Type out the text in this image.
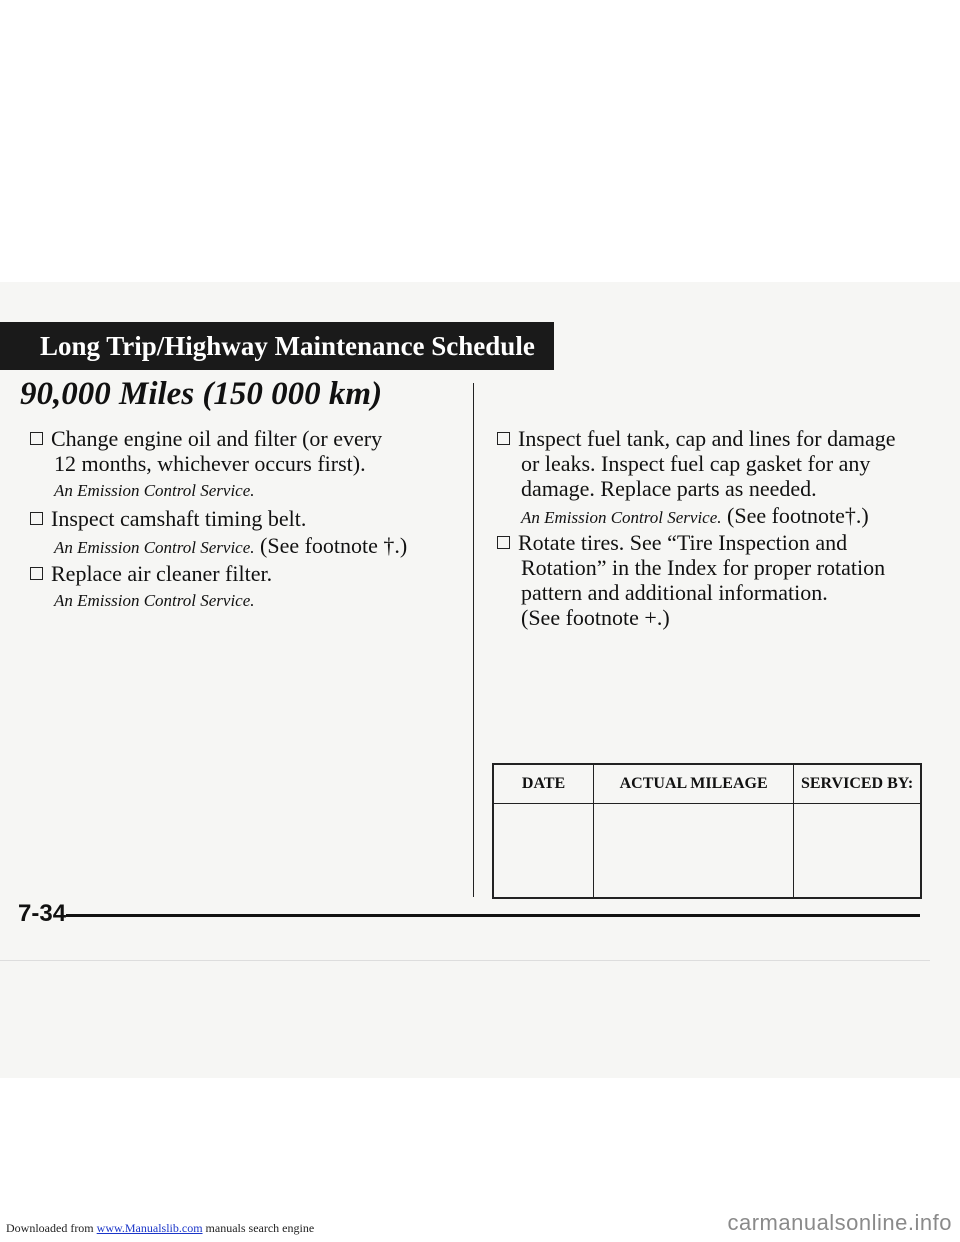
Long Trip/Highway Maintenance Schedule
90,000 Miles (150 000 km)
Change engine oil and filter (or every
12 months, whichever occurs first).
An Emission Control Service.
Inspect camshaft timing belt.
An Emission Control Service. (See footnote †.)
Replace air cleaner filter.
An Emission Control Service.
Inspect fuel tank, cap and lines for damage
or leaks. Inspect fuel cap gasket for any
damage. Replace parts as needed.
An Emission Control Service. (See footnote†.)
Rotate tires. See “Tire Inspection and
Rotation” in the Index for proper rotation
pattern and additional information.
(See footnote +.)
DATE	ACTUAL MILEAGE	SERVICED BY:

7-34
Downloaded from www.Manualslib.com manuals search engine	carmanualsonline.info
